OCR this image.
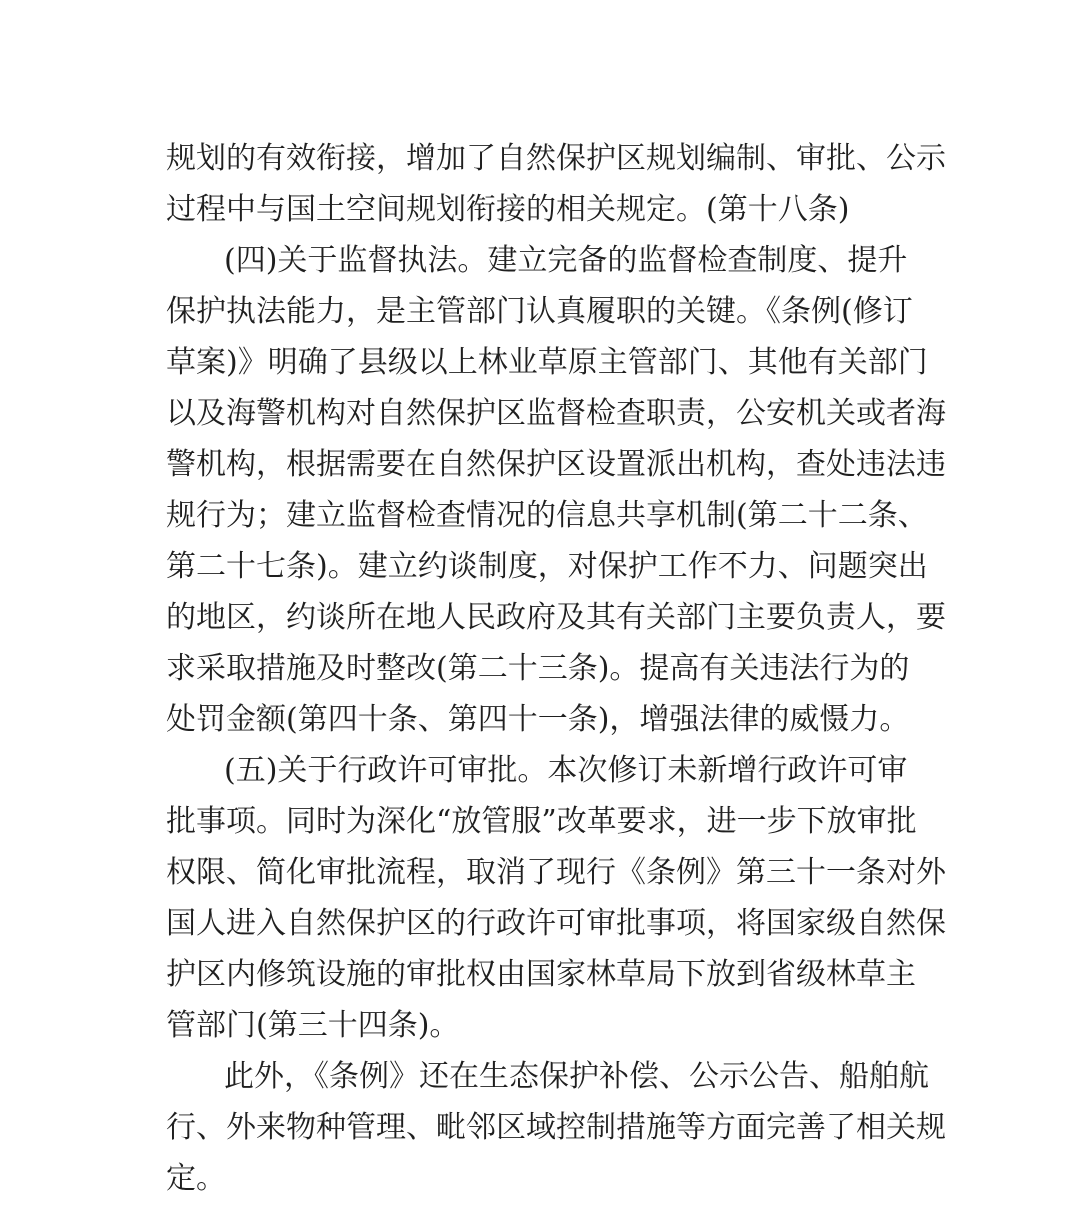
规划的有效衔接，增加了自然保护区规划编制、审批、公示
过程中与国土空间规划衔接的相关规定。(第十八条)
(四)关于监督执法。建立完备的监督检查制度、提升
保护执法能力，是主管部门认真履职的关键。《条例(修订
草案)》明确了县级以上林业草原主管部门、其他有关部门
以及海警机构对自然保护区监督检查职责，公安机关或者海
警机构，根据需要在自然保护区设置派出机构，查处违法违
规行为；建立监督检查情况的信息共享机制(第二十二条、
第二十七条)。建立约谈制度，对保护工作不力、问题突出
的地区，约谈所在地人民政府及其有关部门主要负责人，要
求采取措施及时整改(第二十三条)。提高有关违法行为的
处罚金额(第四十条、第四十一条)，增强法律的威慑力。
(五)关于行政许可审批。本次修订未新增行政许可审
批事项。同时为深化“放管服”改革要求，进一步下放审批
权限、简化审批流程，取消了现行《条例》第三十一条对外
国人进入自然保护区的行政许可审批事项，将国家级自然保
护区内修筑设施的审批权由国家林草局下放到省级林草主
管部门(第三十四条)。
此外，《条例》还在生态保护补偿、公示公告、船舶航
行、外来物种管理、毗邻区域控制措施等方面完善了相关规
定。
